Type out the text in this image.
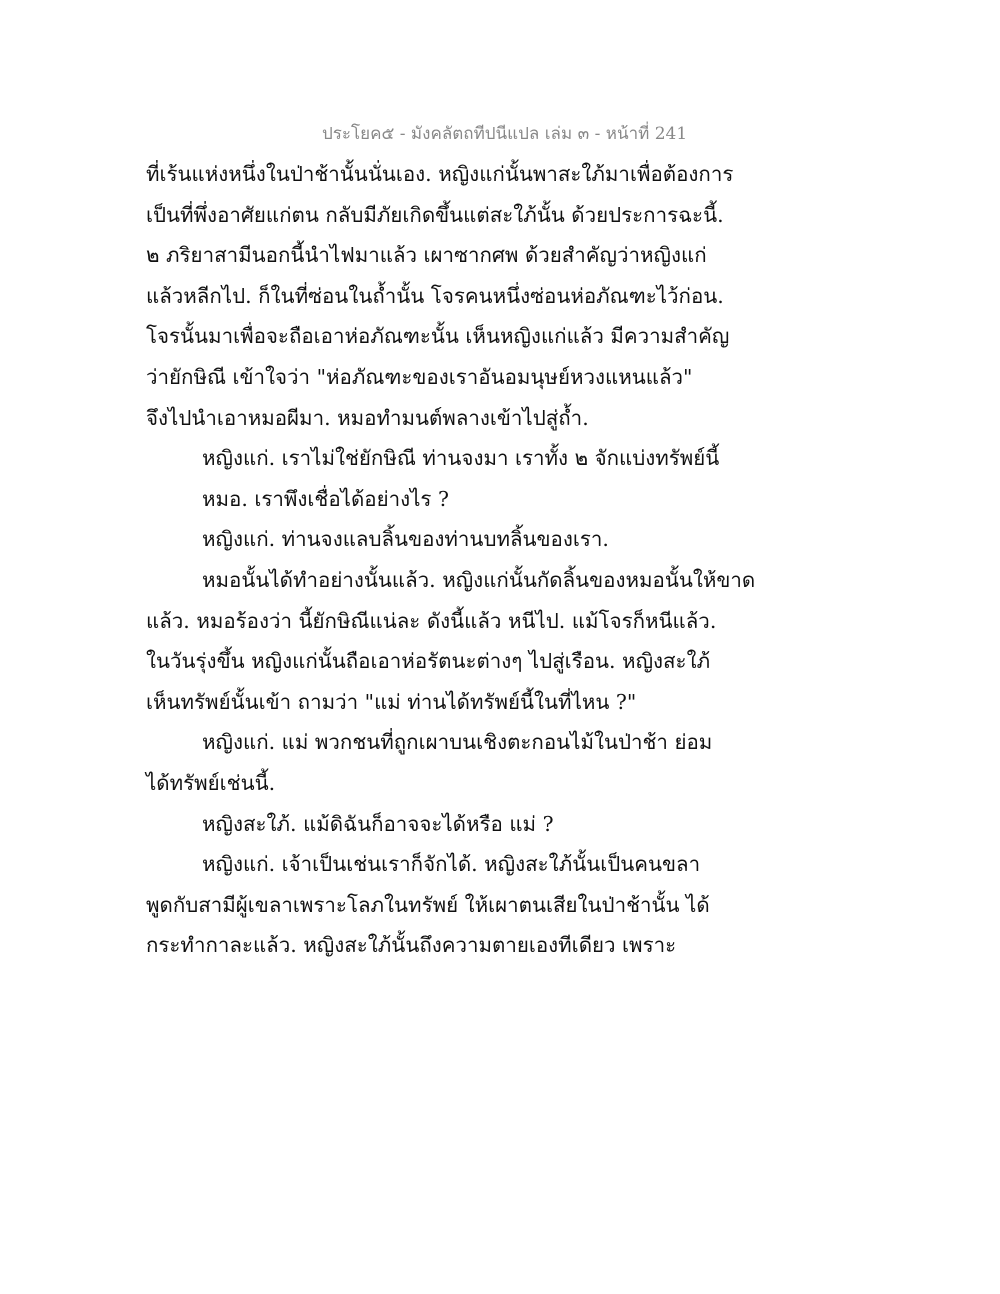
ประโยค๕ - มังคลัตถทีปนีแปล เล่ม ๓ - หน้าที่ 241
ที่เร้นแห่งหนึ่งในป่าช้านั้นนั่นเอง. หญิงแก่นั้นพาสะใภ้มาเพื่อต้องการ
เป็นที่พึ่งอาศัยแก่ตน กลับมีภัยเกิดขึ้นแต่สะใภ้นั้น ด้วยประการฉะนี้.
๒ ภริยาสามีนอกนี้นำไฟมาแล้ว เผาซากศพ ด้วยสำคัญว่าหญิงแก่
แล้วหลีกไป. ก็ในที่ซ่อนในถ้ำนั้น โจรคนหนึ่งซ่อนห่อภัณฑะไว้ก่อน.
โจรนั้นมาเพื่อจะถือเอาห่อภัณฑะนั้น เห็นหญิงแก่แล้ว มีความสำคัญ
ว่ายักษิณี เข้าใจว่า "ห่อภัณฑะของเราอันอมนุษย์หวงแหนแล้ว"
จึงไปนำเอาหมอผีมา. หมอทำมนต์พลางเข้าไปสู่ถ้ำ.
หญิงแก่. เราไม่ใช่ยักษิณี ท่านจงมา เราทั้ง ๒ จักแบ่งทรัพย์นี้
หมอ. เราพึงเชื่อได้อย่างไร ?
หญิงแก่. ท่านจงแลบลิ้นของท่านบทลิ้นของเรา.
หมอนั้นได้ทำอย่างนั้นแล้ว. หญิงแก่นั้นกัดลิ้นของหมอนั้นให้ขาด
แล้ว. หมอร้องว่า นี้ยักษิณีแน่ละ ดังนี้แล้ว หนีไป. แม้โจรก็หนีแล้ว.
ในวันรุ่งขึ้น หญิงแก่นั้นถือเอาห่อรัตนะต่างๆ ไปสู่เรือน. หญิงสะใภ้
เห็นทรัพย์นั้นเข้า ถามว่า "แม่ ท่านได้ทรัพย์นี้ในที่ไหน ?"
หญิงแก่. แม่ พวกชนที่ถูกเผาบนเชิงตะกอนไม้ในป่าช้า ย่อม
ได้ทรัพย์เช่นนี้.
หญิงสะใภ้. แม้ดิฉันก็อาจจะได้หรือ แม่ ?
หญิงแก่. เจ้าเป็นเช่นเราก็จักได้. หญิงสะใภ้นั้นเป็นคนขลา
พูดกับสามีผู้เขลาเพราะโลภในทรัพย์ ให้เผาตนเสียในป่าช้านั้น ได้
กระทำกาละแล้ว. หญิงสะใภ้นั้นถึงความตายเองทีเดียว เพราะ
